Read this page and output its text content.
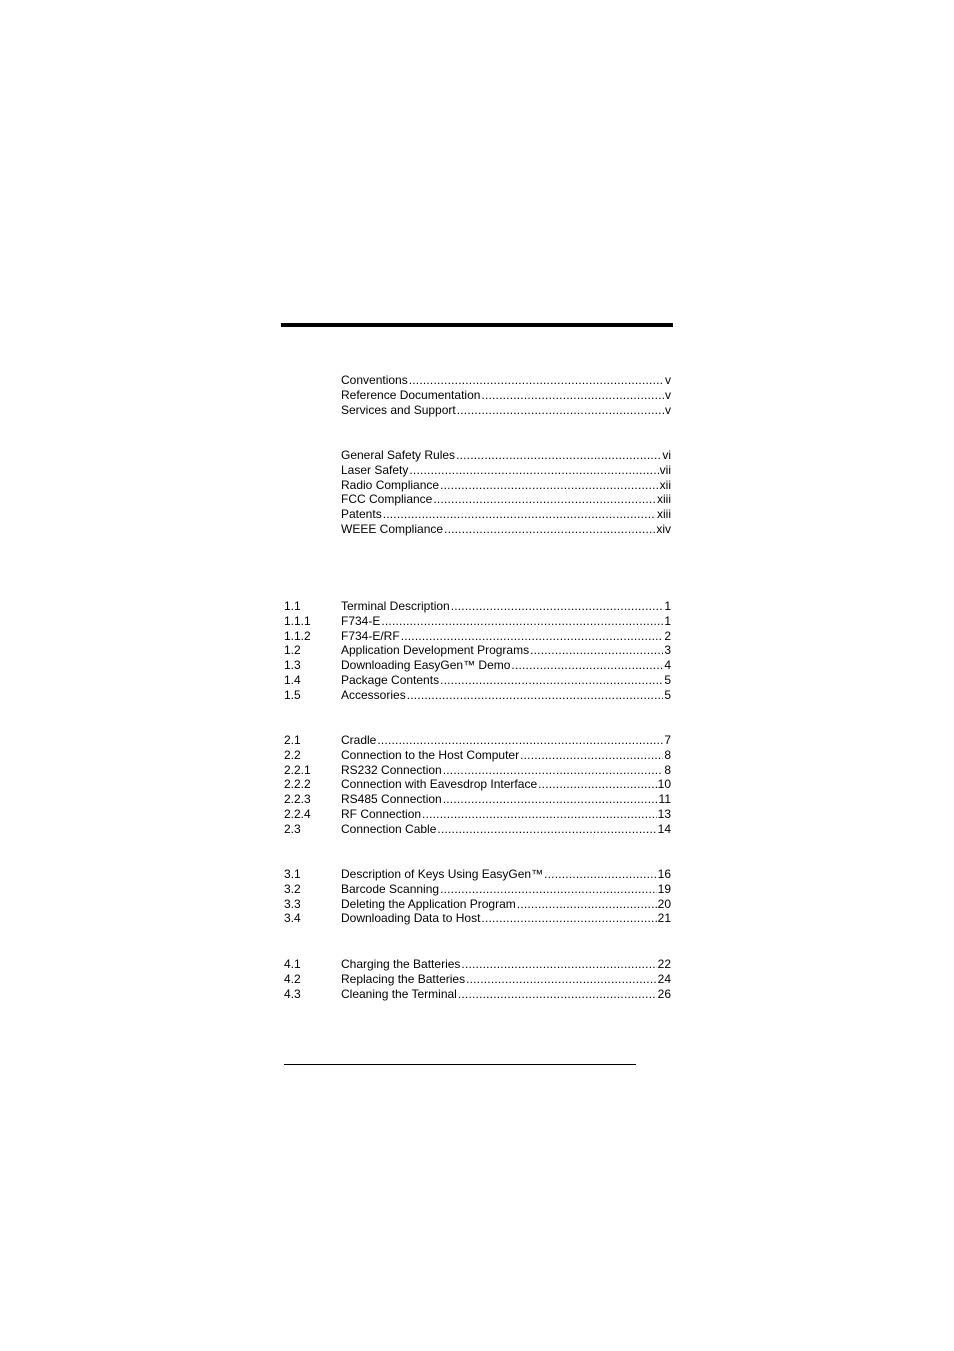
Conventions .....	v
Reference Documentation .....	v
Services and Support .....	v
General Safety Rules .....	vi
Laser Safety .....	vii
Radio Compliance .....	xii
FCC Compliance .....	xiii
Patents .....	xiii
WEEE Compliance .....	xiv
1.1	Terminal Description .....	1
1.1.1	F734-E .....	1
1.1.2	F734-E/RF .....	2
1.2	Application Development Programs .....	3
1.3	Downloading EasyGen™ Demo .....	4
1.4	Package Contents .....	5
1.5	Accessories .....	5
2.1	Cradle .....	7
2.2	Connection to the Host Computer .....	8
2.2.1	RS232 Connection .....	8
2.2.2	Connection with Eavesdrop Interface .....	10
2.2.3	RS485 Connection .....	11
2.2.4	RF Connection .....	13
2.3	Connection Cable .....	14
3.1	Description of Keys Using EasyGen™ .....	16
3.2	Barcode Scanning .....	19
3.3	Deleting the Application Program .....	20
3.4	Downloading Data to Host .....	21
4.1	Charging the Batteries .....	22
4.2	Replacing the Batteries .....	24
4.3	Cleaning the Terminal .....	26
